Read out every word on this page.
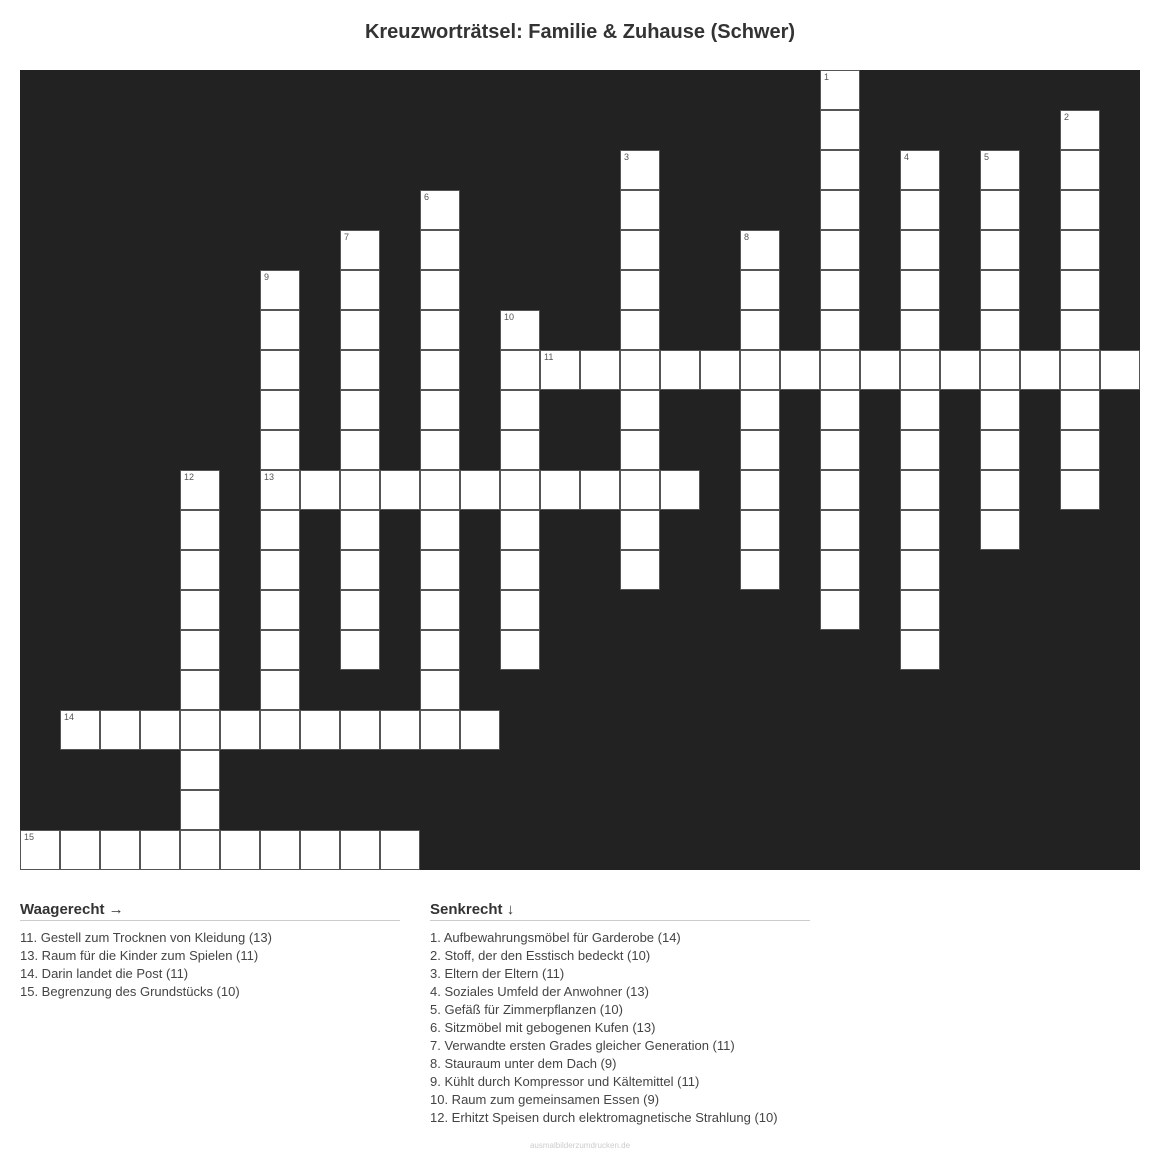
Kreuzworträtsel: Familie & Zuhause (Schwer)
1
2
3	4	5
6
7	8
9
13
10
11
12
14
15
Waagerecht →
11. Gestell zum Trocknen von Kleidung (13)
13. Raum für die Kinder zum Spielen (11)
14. Darin landet die Post (11)
15. Begrenzung des Grundstücks (10)
Senkrecht ↓
1. Aufbewahrungsmöbel für Garderobe (14)
2. Stoff, der den Esstisch bedeckt (10)
3. Eltern der Eltern (11)
4. Soziales Umfeld der Anwohner (13)
5. Gefäß für Zimmerpflanzen (10)
6. Sitzmöbel mit gebogenen Kufen (13)
7. Verwandte ersten Grades gleicher Generation (11)
8. Stauraum unter dem Dach (9)
9. Kühlt durch Kompressor und Kältemittel (11)
10. Raum zum gemeinsamen Essen (9)
12. Erhitzt Speisen durch elektromagnetische Strahlung (10)
ausmalbilderzumdrucken.de
